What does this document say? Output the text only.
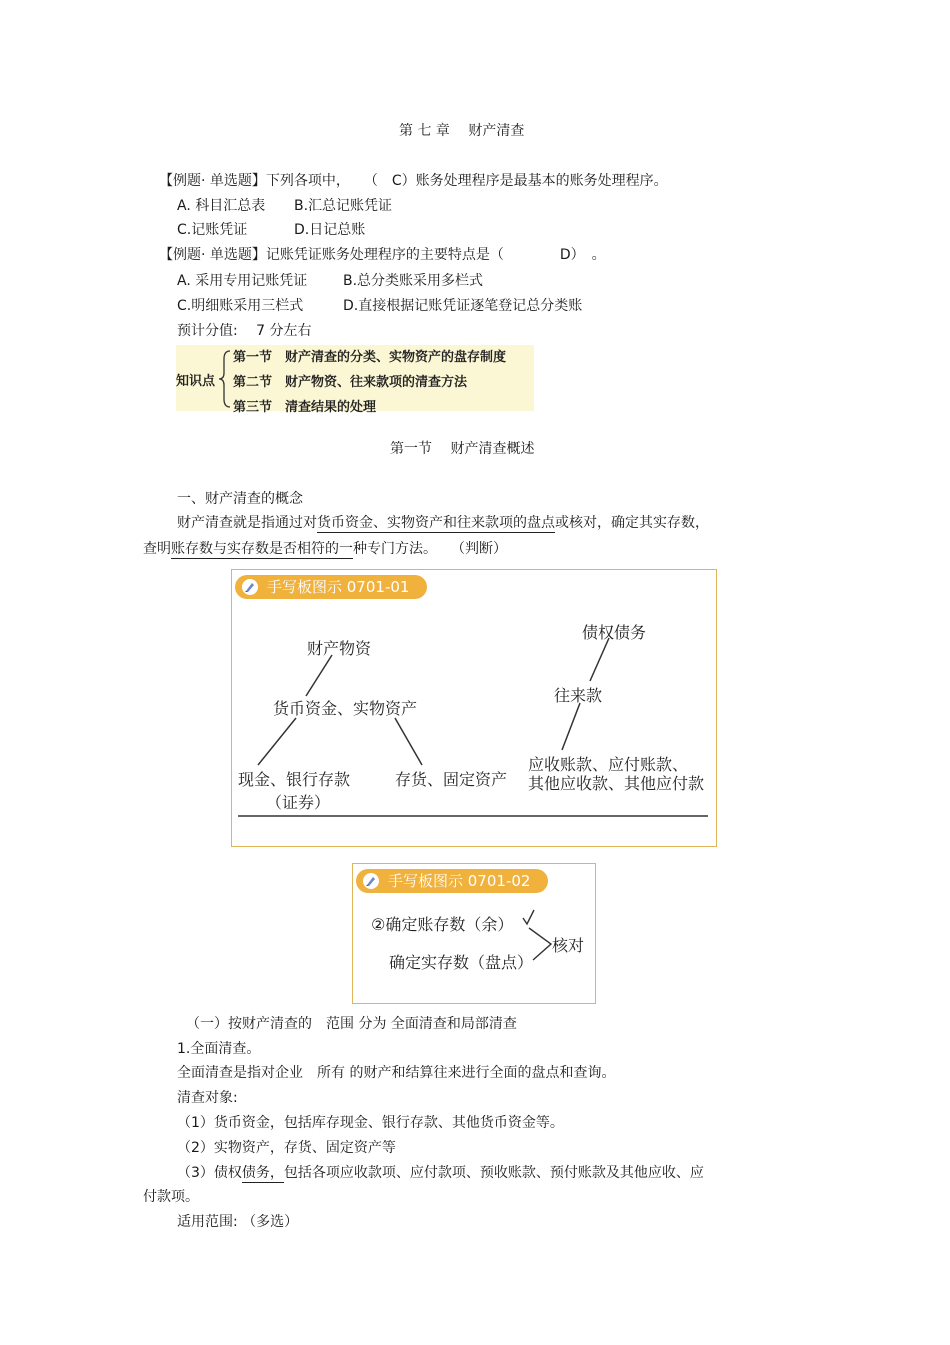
第 七 章　 财产清查
【例题· 单选题】下列各项中，　　（　C）账务处理程序是最基本的账务处理程序。
A. 科目汇总表 B.汇总记账凭证
C.记账凭证	D.日记总账
【例题· 单选题】记账凭证账务处理程序的主要特点是（　　　　D）　。
A. 采用专用记账凭证	B.总分类账采用多栏式
C.明细账采用三栏式	D.直接根据记账凭证逐笔登记总分类账
预计分值:　 7 分左右
知识点
第一节　财产清查的分类、实物资产的盘存制度
第二节　财产物资、往来款项的清查方法
第三节　清查结果的处理
第一节　 财产清查概述
一、财产清查的概念
财产清查就是指通过对货币资金、实物资产和往来款项的盘点或核对，确定其实存数，
查明账存数与实存数是否相符的一种专门方法。　　（判断）
手写板图示 0701-01
财产物资
货币资金、实物资产
现金、银行存款
（证券）
存货、固定资产
债权债务
往来款
应收账款、应付账款、
其他应收款、其他应付款
手写板图示 0701-02
②确定账存数（余）
确定实存数（盘点）
核对
（一）按财产清查的　范围 分为 全面清查和局部清查
1.全面清查。
全面清查是指对企业　所有 的财产和结算往来进行全面的盘点和查询。
清查对象:
（1）货币资金，包括库存现金、银行存款、其他货币资金等。
（2）实物资产，存货、固定资产等
（3）债权债务，包括各项应收款项、应付款项、预收账款、预付账款及其他应收、应
付款项。
适用范围: （多选）
